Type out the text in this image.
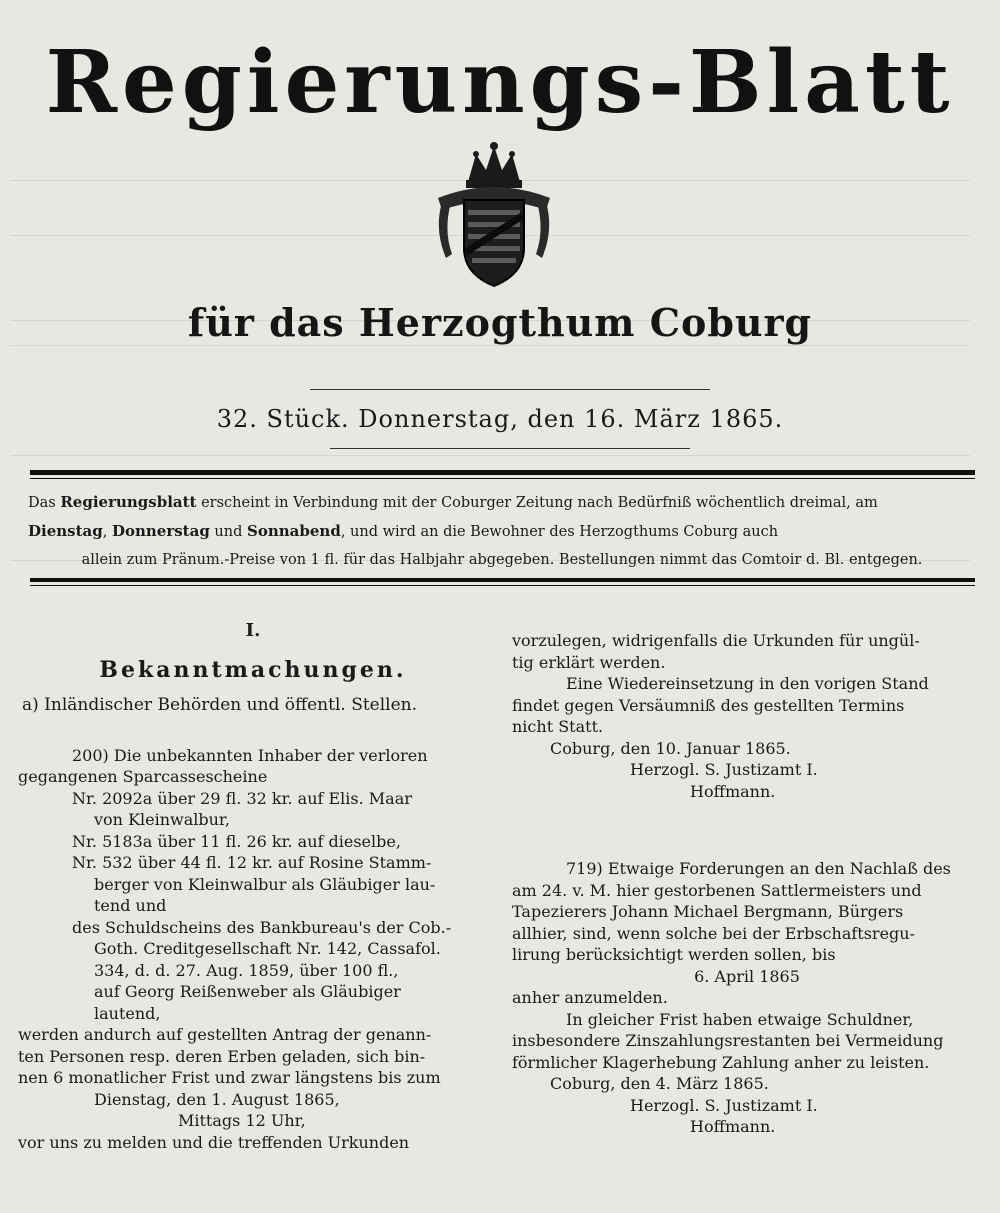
Regierungs-Blatt
für das Herzogthum Coburg
32. Stück. Donnerstag, den 16. März 1865.
Das Regierungsblatt erscheint in Verbindung mit der Coburger Zeitung nach Bedürfniß wöchentlich dreimal, am
Dienstag, Donnerstag und Sonnabend, und wird an die Bewohner des Herzogthums Coburg auch
allein zum Pränum.-Preise von 1 fl. für das Halbjahr abgegeben. Bestellungen nimmt das Comtoir d. Bl. entgegen.
I.
Bekanntmachungen.
a) Inländischer Behörden und öffentl. Stellen.

200) Die unbekannten Inhaber der verloren

gegangenen Sparcassescheine

Nr. 2092a über 29 fl. 32 kr. auf Elis. Maar

von Kleinwalbur,

Nr. 5183a über 11 fl. 26 kr. auf dieselbe,

Nr. 532 über 44 fl. 12 kr. auf Rosine Stamm-

berger von Kleinwalbur als Gläubiger lau-

tend und

des Schuldscheins des Bankbureau's der Cob.-

Goth. Creditgesellschaft Nr. 142, Cassafol.

334, d. d. 27. Aug. 1859, über 100 fl.,

auf Georg Reißenweber als Gläubiger

lautend,

werden andurch auf gestellten Antrag der genann-

ten Personen resp. deren Erben geladen, sich bin-

nen 6 monatlicher Frist und zwar längstens bis zum

Dienstag, den 1. August 1865,

Mittags 12 Uhr,

vor uns zu melden und die treffenden Urkunden

vorzulegen, widrigenfalls die Urkunden für ungül-

tig erklärt werden.

Eine Wiedereinsetzung in den vorigen Stand

findet gegen Versäumniß des gestellten Termins

nicht Statt.

Coburg, den 10. Januar 1865.

Herzogl. S. Justizamt I.

Hoffmann.

719) Etwaige Forderungen an den Nachlaß des

am 24. v. M. hier gestorbenen Sattlermeisters und

Tapezierers Johann Michael Bergmann, Bürgers

allhier, sind, wenn solche bei der Erbschaftsregu-

lirung berücksichtigt werden sollen, bis

6. April 1865

anher anzumelden.

In gleicher Frist haben etwaige Schuldner,

insbesondere Zinszahlungsrestanten bei Vermeidung

förmlicher Klagerhebung Zahlung anher zu leisten.

Coburg, den 4. März 1865.

Herzogl. S. Justizamt I.

Hoffmann.
